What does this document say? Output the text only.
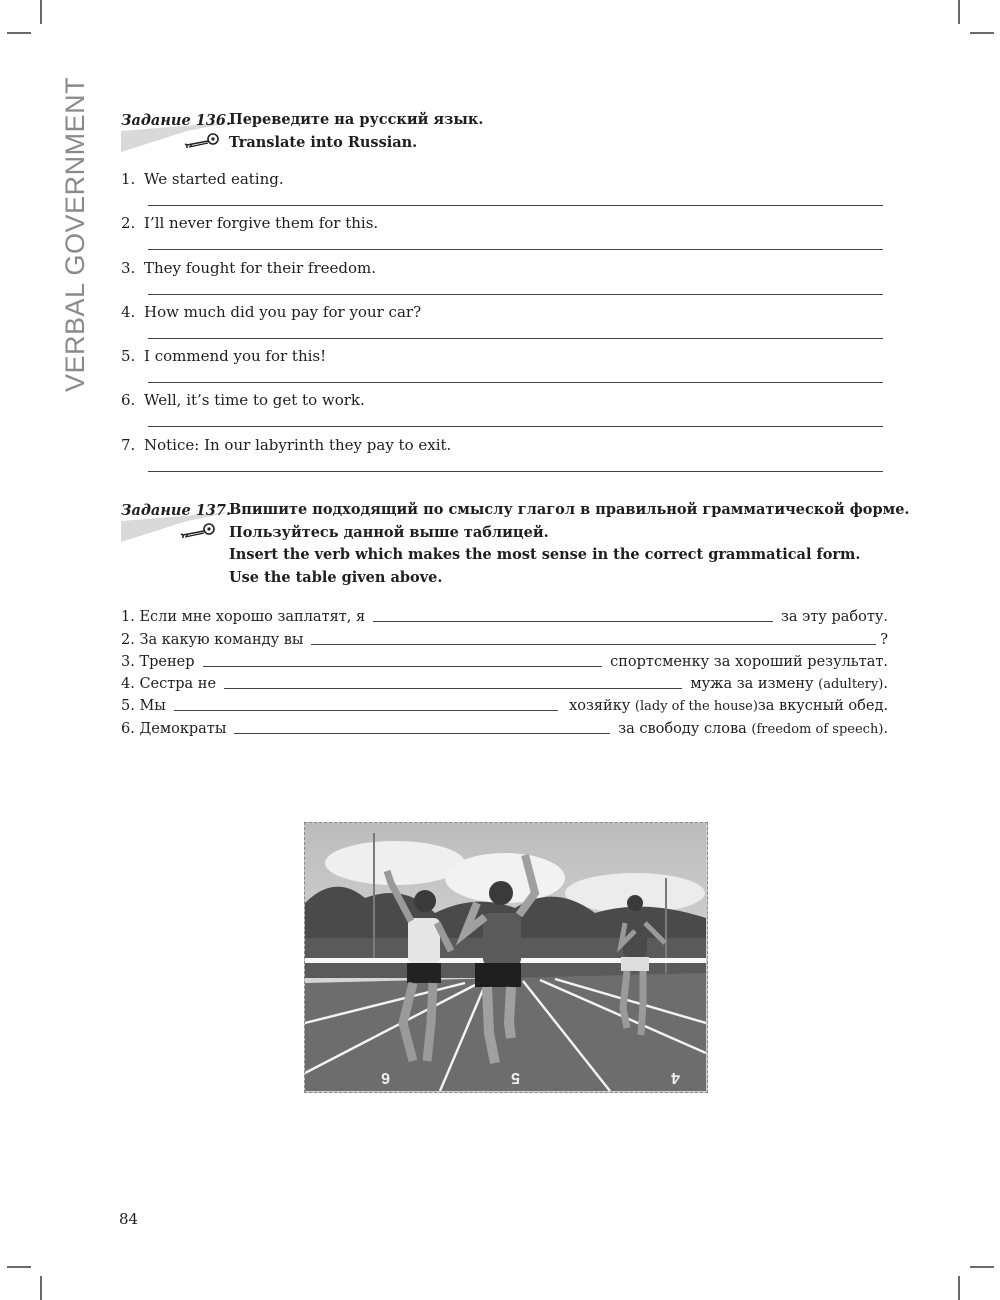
VERBAL GOVERNMENT Задание 136.
Переведите на русский язык.
Translate into Russian.
1. We started eating.
2. I’ll never forgive them for this.
3. They fought for their freedom.
4. How much did you pay for your car?
5. I commend you for this!
6. Well, it’s time to get to work.
7. Notice: In our labyrinth they pay to exit.
Задание 137.
Впишите подходящий по смыслу глагол в правильной грамматической форме.
Пользуйтесь данной выше таблицей.
Insert the verb which makes the most sense in the correct grammatical form.
Use the table given above.
1. Если мне хорошо заплатят, я	за эту работу.
2. За какую команду вы	?
3. Тренер	спортсменку за хороший результат.
4. Сестра не	мужа за измену
(adultery) .
5. Мы	хозяйку
(lady of the house) за вкусный обед.
6. Демократы	за свободу слова
(freedom of speech) .
6	5	4
84
